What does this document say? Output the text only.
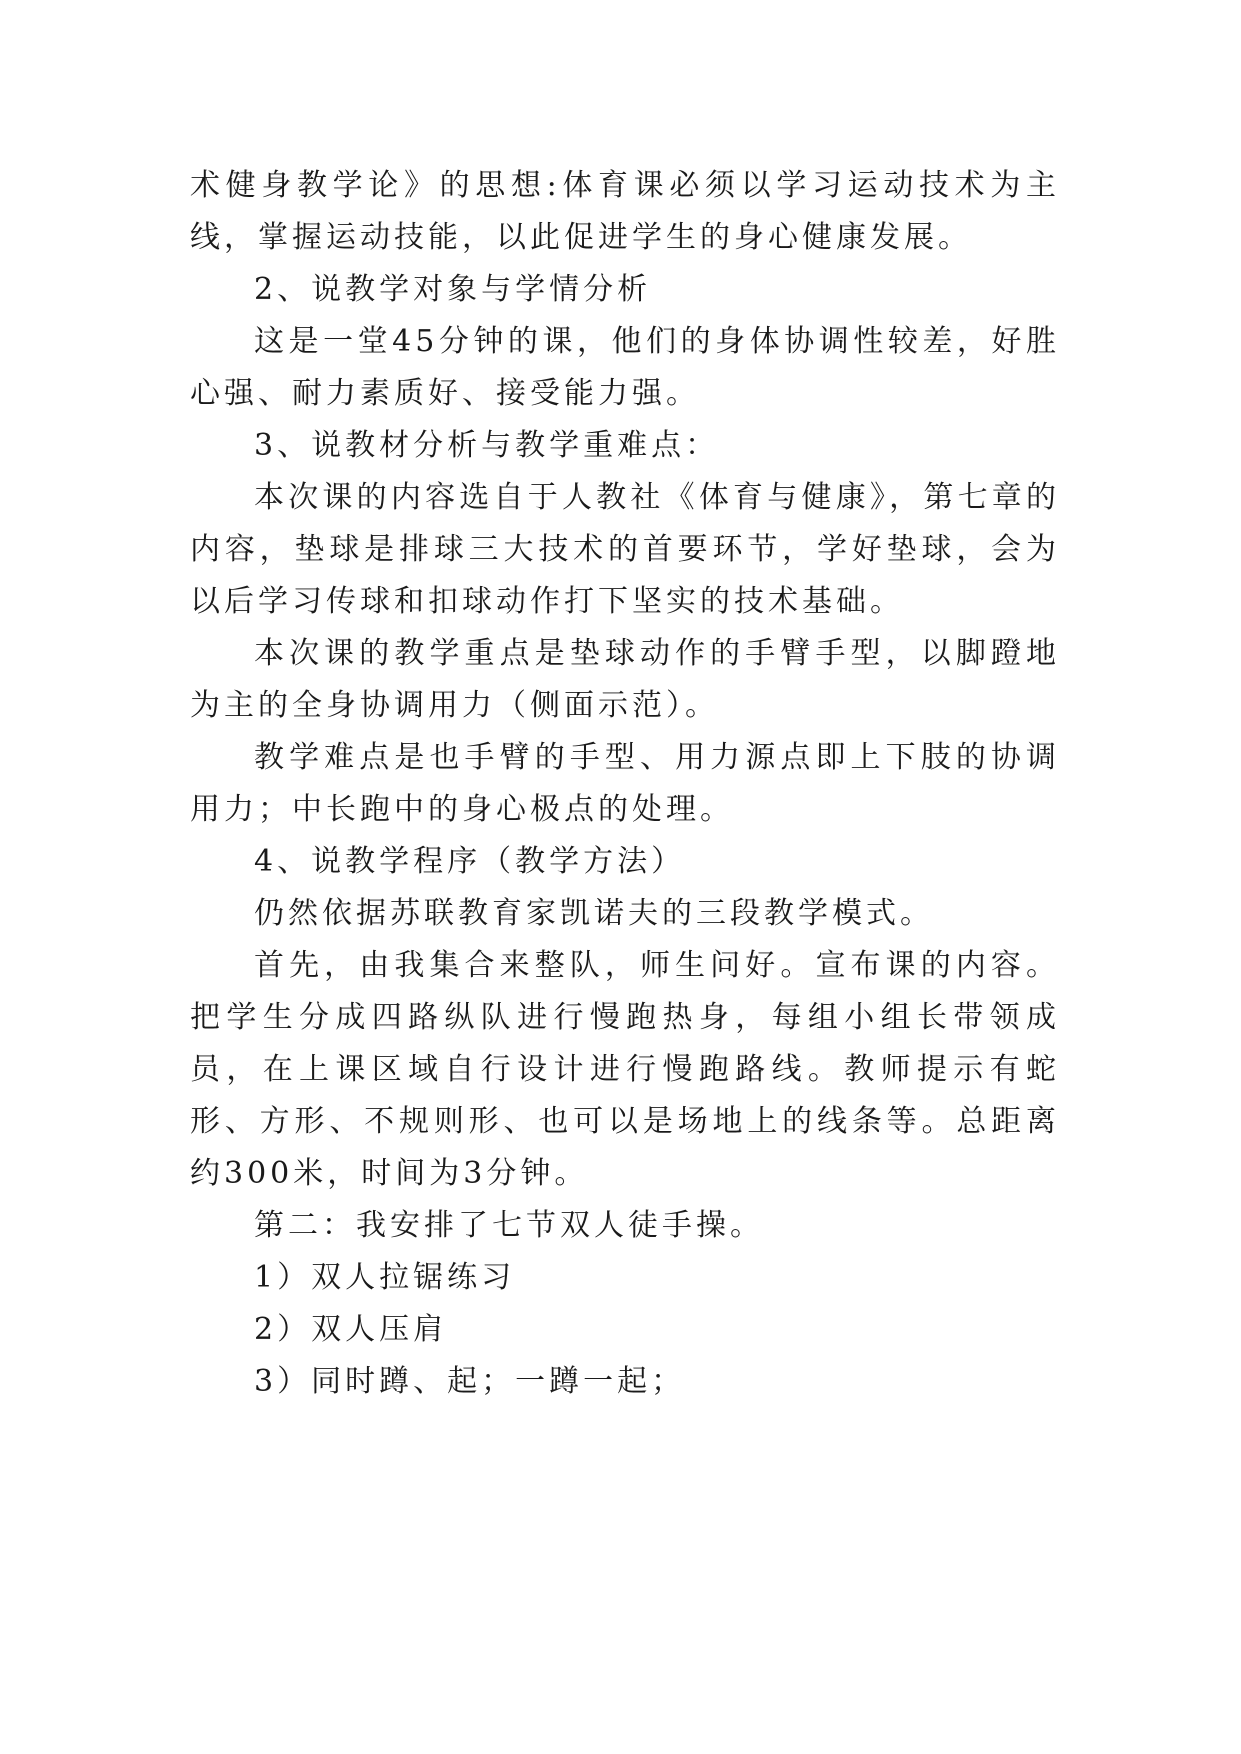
术健身教学论》的思想:体育课必须以学习运动技术为主线，掌握运动技能，以此促进学生的身心健康发展。

2、说教学对象与学情分析

这是一堂45分钟的课，他们的身体协调性较差，好胜心强、耐力素质好、接受能力强。

3、说教材分析与教学重难点：

本次课的内容选自于人教社《体育与健康》，第七章的内容，垫球是排球三大技术的首要环节，学好垫球，会为以后学习传球和扣球动作打下坚实的技术基础。

本次课的教学重点是垫球动作的手臂手型，以脚蹬地为主的全身协调用力（侧面示范）。

教学难点是也手臂的手型、用力源点即上下肢的协调用力；中长跑中的身心极点的处理。

4、说教学程序（教学方法）

仍然依据苏联教育家凯诺夫的三段教学模式。

首先，由我集合来整队，师生问好。宣布课的内容。把学生分成四路纵队进行慢跑热身，每组小组长带领成员，在上课区域自行设计进行慢跑路线。教师提示有蛇形、方形、不规则形、也可以是场地上的线条等。总距离约300米，时间为3分钟。

第二：我安排了七节双人徒手操。

1）双人拉锯练习

2）双人压肩

3）同时蹲、起；一蹲一起；
